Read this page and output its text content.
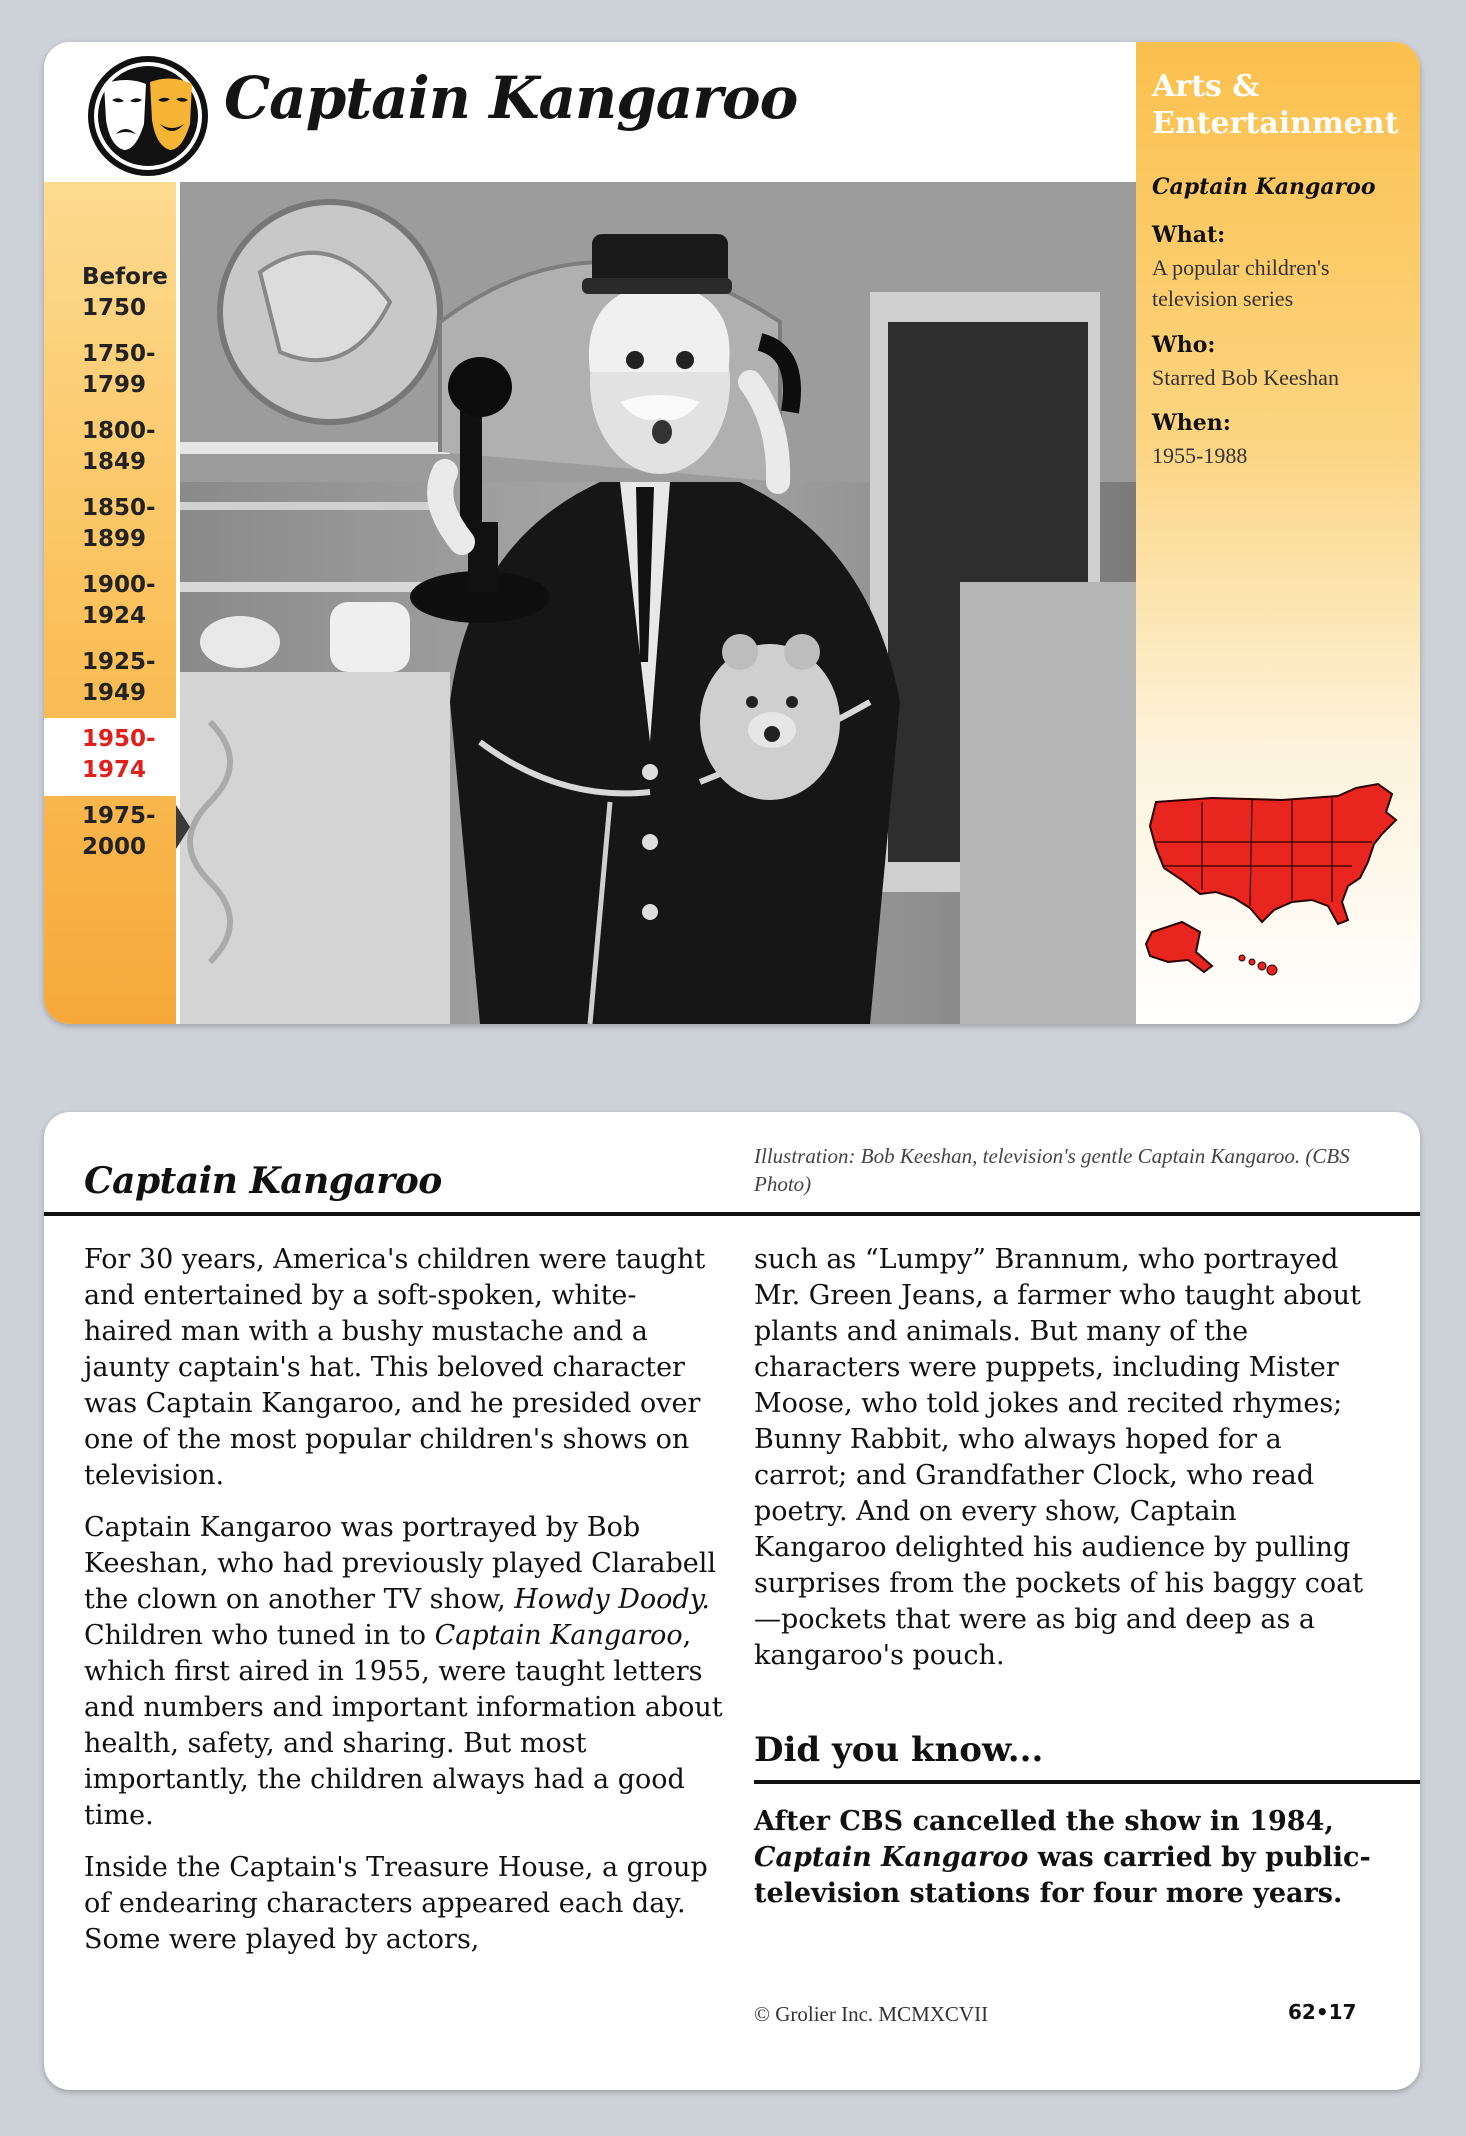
Before 1750
1750-1799
1800-1849
1850-1899
1900-1924
1925-1949
1950-1974
1975-2000
Captain Kangaroo	Arts & Entertainment
Captain Kangaroo
What:
A popular children's television series
Who:
Starred Bob Keeshan
When:
1955-1988
Captain Kangaroo
Illustration: Bob Keeshan, television's gentle Captain Kangaroo. (CBS Photo)

For 30 years, America's children were taught and entertained by a soft-spoken, white-haired man with a bushy mustache and a jaunty captain's hat. This beloved character was Captain Kangaroo, and he presided over one of the most popular children's shows on television.

Captain Kangaroo was portrayed by Bob Keeshan, who had previously played Clarabell the clown on another TV show, Howdy Doody. Children who tuned in to Captain Kangaroo, which first aired in 1955, were taught letters and numbers and important information about health, safety, and sharing. But most importantly, the children always had a good time.

Inside the Captain's Treasure House, a group of endearing characters appeared each day. Some were played by actors,

such as “Lumpy” Brannum, who portrayed Mr. Green Jeans, a farmer who taught about plants and animals. But many of the characters were puppets, including Mister Moose, who told jokes and recited rhymes; Bunny Rabbit, who always hoped for a carrot; and Grandfather Clock, who read poetry. And on every show, Captain Kangaroo delighted his audience by pulling surprises from the pockets of his baggy coat—pockets that were as big and deep as a kangaroo's pouch.

Did you know...
After CBS cancelled the show in 1984, Captain Kangaroo was carried by public-television stations for four more years.
© Grolier Inc. MCMXCVII	62•17
